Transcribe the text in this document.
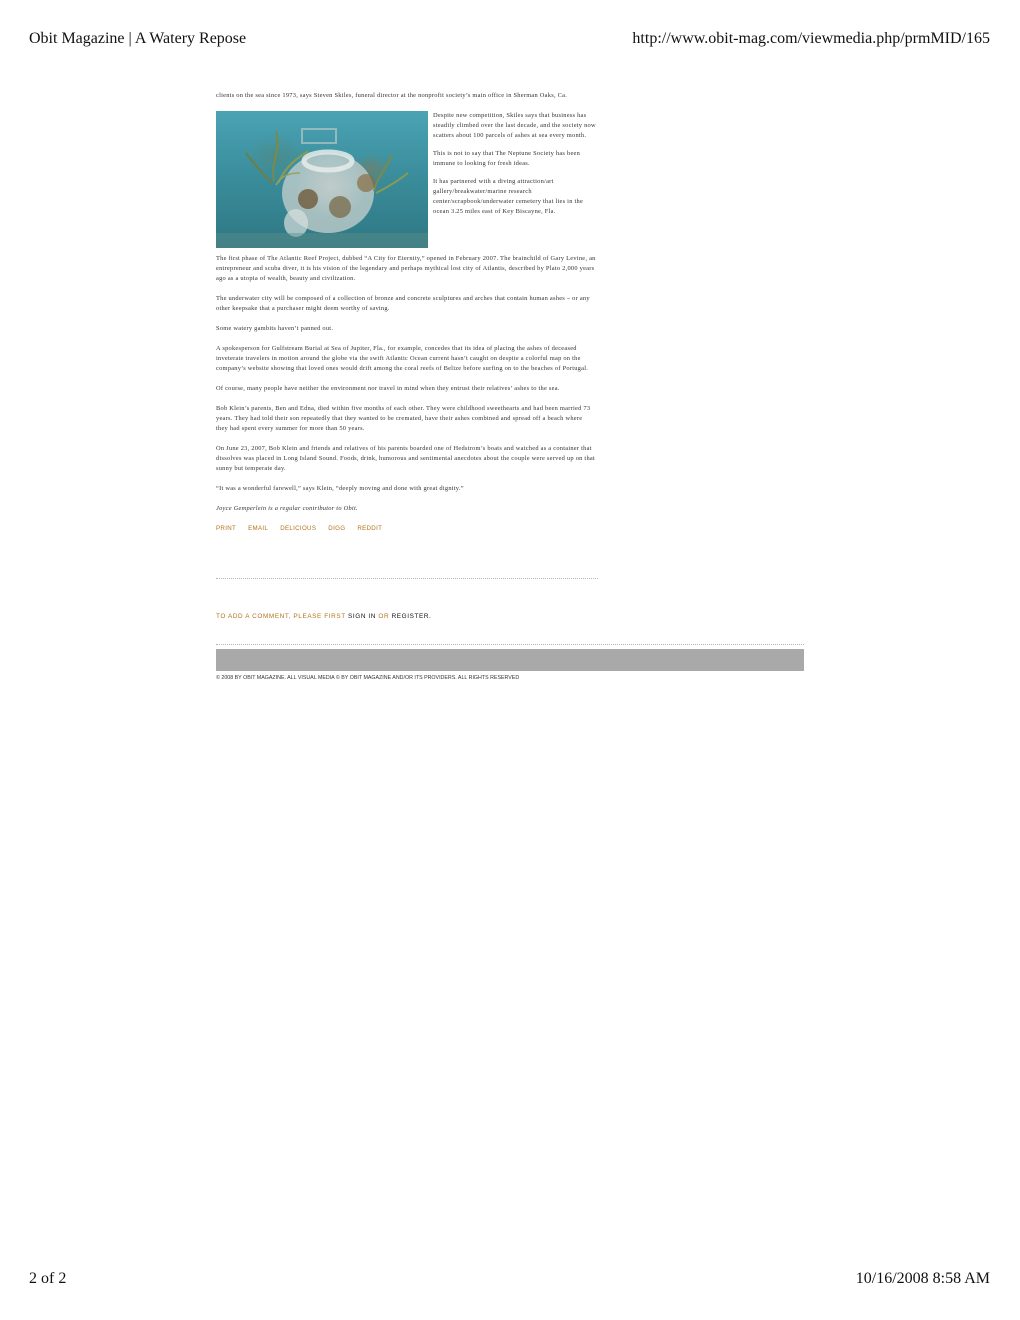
Obit Magazine | A Watery Repose	http://www.obit-mag.com/viewmedia.php/prmMID/165

clients on the sea since 1973, says Steven Skiles, funeral director at the nonprofit society’s main office in Sherman Oaks, Ca.

Despite new competition, Skiles says that business has steadily climbed over the last decade, and the society now scatters about 100 parcels of ashes at sea every month.

This is not to say that The Neptune Society has been immune to looking for fresh ideas.

It has partnered with a diving attraction/art gallery/breakwater/marine research center/scrapbook/underwater cemetery that lies in the ocean 3.25 miles east of Key Biscayne, Fla.

The first phase of The Atlantic Reef Project, dubbed “A City for Eternity,” opened in February 2007. The brainchild of Gary Levine, an entrepreneur and scuba diver, it is his vision of the legendary and perhaps mythical lost city of Atlantis, described by Plato 2,000 years ago as a utopia of wealth, beauty and civilization.

The underwater city will be composed of a collection of bronze and concrete sculptures and arches that contain human ashes – or any other keepsake that a purchaser might deem worthy of saving.

Some watery gambits haven’t panned out.

A spokesperson for Gulfstream Burial at Sea of Jupiter, Fla., for example, concedes that its idea of placing the ashes of deceased inveterate travelers in motion around the globe via the swift Atlantic Ocean current hasn’t caught on despite a colorful map on the company’s website showing that loved ones would drift among the coral reefs of Belize before surfing on to the beaches of Portugal.

Of course, many people have neither the environment nor travel in mind when they entrust their relatives’ ashes to the sea.

Bob Klein’s parents, Ben and Edna, died within five months of each other. They were childhood sweethearts and had been married 73 years. They had told their son repeatedly that they wanted to be cremated, have their ashes combined and spread off a beach where they had spent every summer for more than 50 years.

On June 23, 2007, Bob Klein and friends and relatives of his parents boarded one of Hedstrom’s boats and watched as a container that dissolves was placed in Long Island Sound. Foods, drink, humorous and sentimental anecdotes about the couple were served up on that sunny but temperate day.

“It was a wonderful farewell,” says Klein, “deeply moving and done with great dignity.”

Joyce Gemperlein is a regular contributor to Obit.

PRINT EMAIL DELICIOUS DIGG REDDIT
TO ADD A COMMENT, PLEASE FIRST SIGN IN OR REGISTER.
© 2008 BY OBIT MAGAZINE. ALL VISUAL MEDIA © BY OBIT MAGAZINE AND/OR ITS PROVIDERS. ALL RIGHTS RESERVED
2 of 2	10/16/2008 8:58 AM
